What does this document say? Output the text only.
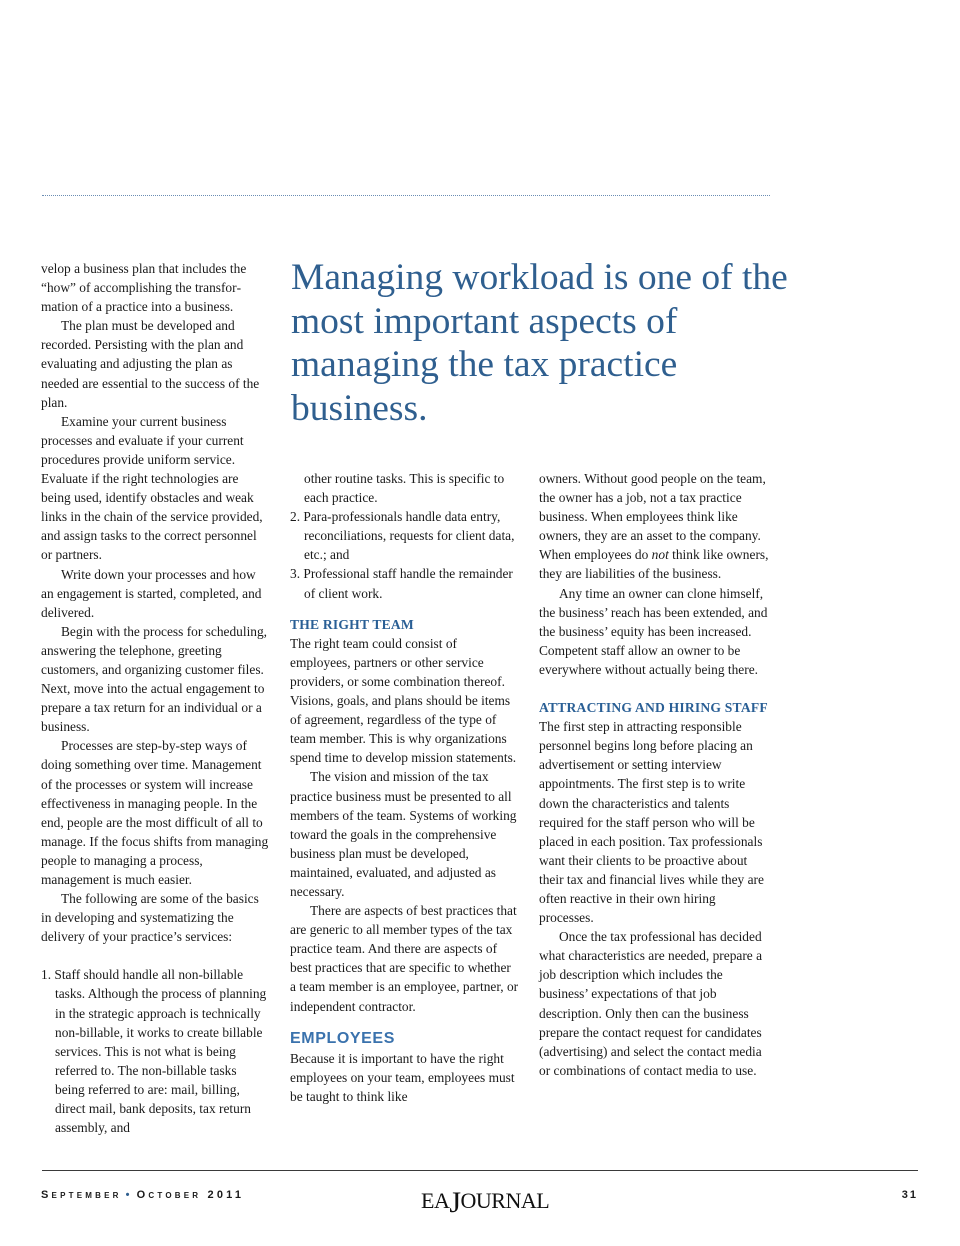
velop a business plan that includes the “how” of accomplishing the transformation of a practice into a business.

The plan must be developed and recorded. Persisting with the plan and evaluating and adjusting the plan as needed are essential to the success of the plan.

Examine your current business processes and evaluate if your current procedures provide uniform service. Evaluate if the right technologies are being used, identify obstacles and weak links in the chain of the service provided, and assign tasks to the correct personnel or partners.

Write down your processes and how an engagement is started, completed, and delivered.

Begin with the process for scheduling, answering the telephone, greeting customers, and organizing customer files. Next, move into the actual engagement to prepare a tax return for an individual or a business.

Processes are step-by-step ways of doing something over time. Management of the processes or system will increase effectiveness in managing people. In the end, people are the most difficult of all to manage. If the focus shifts from managing people to managing a process, management is much easier.

The following are some of the basics in developing and systematizing the delivery of your practice’s services:

1. Staff should handle all non-billable tasks. Although the process of planning in the strategic approach is technically non-billable, it works to create billable services. This is not what is being referred to. The non-billable tasks being referred to are: mail, billing, direct mail, bank deposits, tax return assembly, and
Managing workload is one of the most important aspects of managing the tax practice business.
other routine tasks. This is specific to each practice.
2. Para-professionals handle data entry, reconciliations, requests for client data, etc.; and
3. Professional staff handle the remainder of client work.
THE RIGHT TEAM

The right team could consist of employees, partners or other service providers, or some combination thereof. Visions, goals, and plans should be items of agreement, regardless of the type of team member. This is why organizations spend time to develop mission statements.

The vision and mission of the tax practice business must be presented to all members of the team. Systems of working toward the goals in the comprehensive business plan must be developed, maintained, evaluated, and adjusted as necessary.

There are aspects of best practices that are generic to all member types of the tax practice team. And there are aspects of best practices that are specific to whether a team member is an employee, partner, or independent contractor.

EMPLOYEES

Because it is important to have the right employees on your team, employees must be taught to think like

owners. Without good people on the team, the owner has a job, not a tax practice business. When employees think like owners, they are an asset to the company. When employees do not think like owners, they are liabilities of the business.

Any time an owner can clone himself, the business’ reach has been extended, and the business’ equity has been increased. Competent staff allow an owner to be everywhere without actually being there.

ATTRACTING AND HIRING STAFF

The first step in attracting responsible personnel begins long before placing an advertisement or setting interview appointments. The first step is to write down the characteristics and talents required for the staff person who will be placed in each position. Tax professionals want their clients to be proactive about their tax and financial lives while they are often reactive in their own hiring processes.

Once the tax professional has decided what characteristics are needed, prepare a job description which includes the business’ expectations of that job description. Only then can the business prepare the contact request for candidates (advertising) and select the contact media or combinations of contact media to use.

September • October 2011	EAJOURNAL	31
